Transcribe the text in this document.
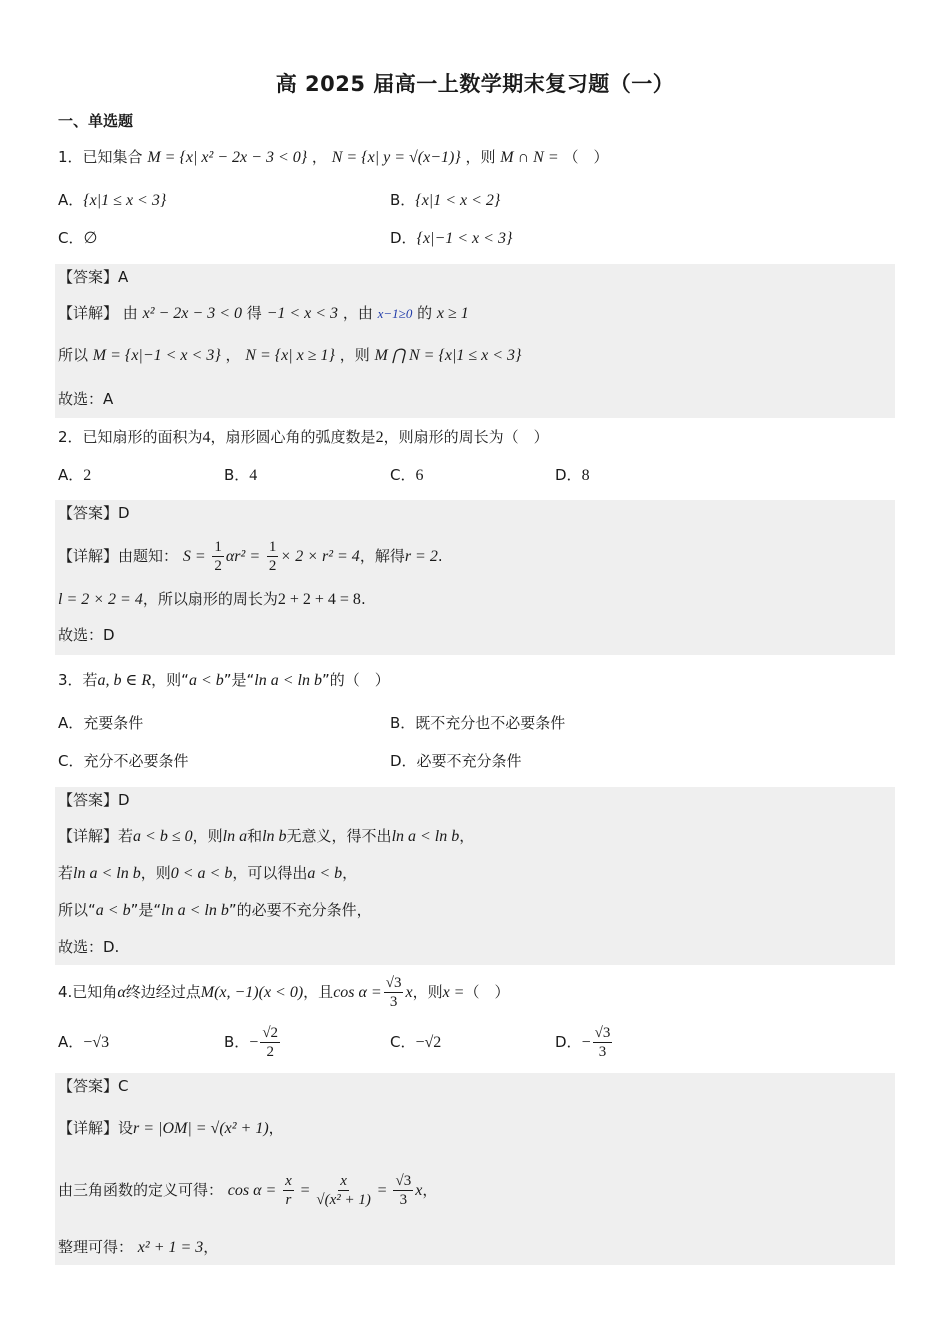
高 2025 届高一上数学期末复习题（一）
一、单选题
1．已知集合 M = {x| x² − 2x − 3 < 0} ， N = {x| y = √(x−1)} ，则 M ∩ N = （　）
A．{x|1 ≤ x < 3}	B．{x|1 < x < 2}
C．∅	D．{x|−1 < x < 3}
【答案】A
【详解】 由 x² − 2x − 3 < 0 得 −1 < x < 3 ，由 x−1≥0 的 x ≥ 1
所以 M = {x|−1 < x < 3} ， N = {x| x ≥ 1} ，则 M ⋂ N = {x|1 ≤ x < 3}
故选：A
2．已知扇形的面积为4，扇形圆心角的弧度数是2，则扇形的周长为（　）
A．2	B．4	C．6	D．8
【答案】D
【详解】由题知： $S = \frac{1}{2} \alpha r^2 = \frac{1}{2} \times 2 \times r^2 = 4$，解得r = 2.
l = 2 × 2 = 4，所以扇形的周长为2 + 2 + 4 = 8.
故选：D
3．若a, b ∈ R，则“a < b”是“ln a < ln b”的（　）
A．充要条件	B．既不充分也不必要条件
C．充分不必要条件	D．必要不充分条件
【答案】D
【详解】若a < b ≤ 0，则ln a和ln b无意义，得不出ln a < ln b，
若ln a < ln b，则0 < a < b，可以得出a < b，
所以“a < b”是“ln a < ln b”的必要不充分条件，
故选：D.
4.已知角α终边经过点M(x, −1)(x < 0)，且$\cos \alpha = \frac{√3}{3}$ x，则x =（　）
A．−√3	B．− $\frac{√2}{2}$	C．−√2	D．− $\frac{√3}{3}$
【答案】C
【详解】设r = |OM| = √(x² + 1)，
由三角函数的定义可得： $\cos \alpha = \frac{x}{r} = \frac{x}{\text{√(x² + 1)}} = \frac{√3}{3}$ x，
整理可得： x² + 1 = 3，
